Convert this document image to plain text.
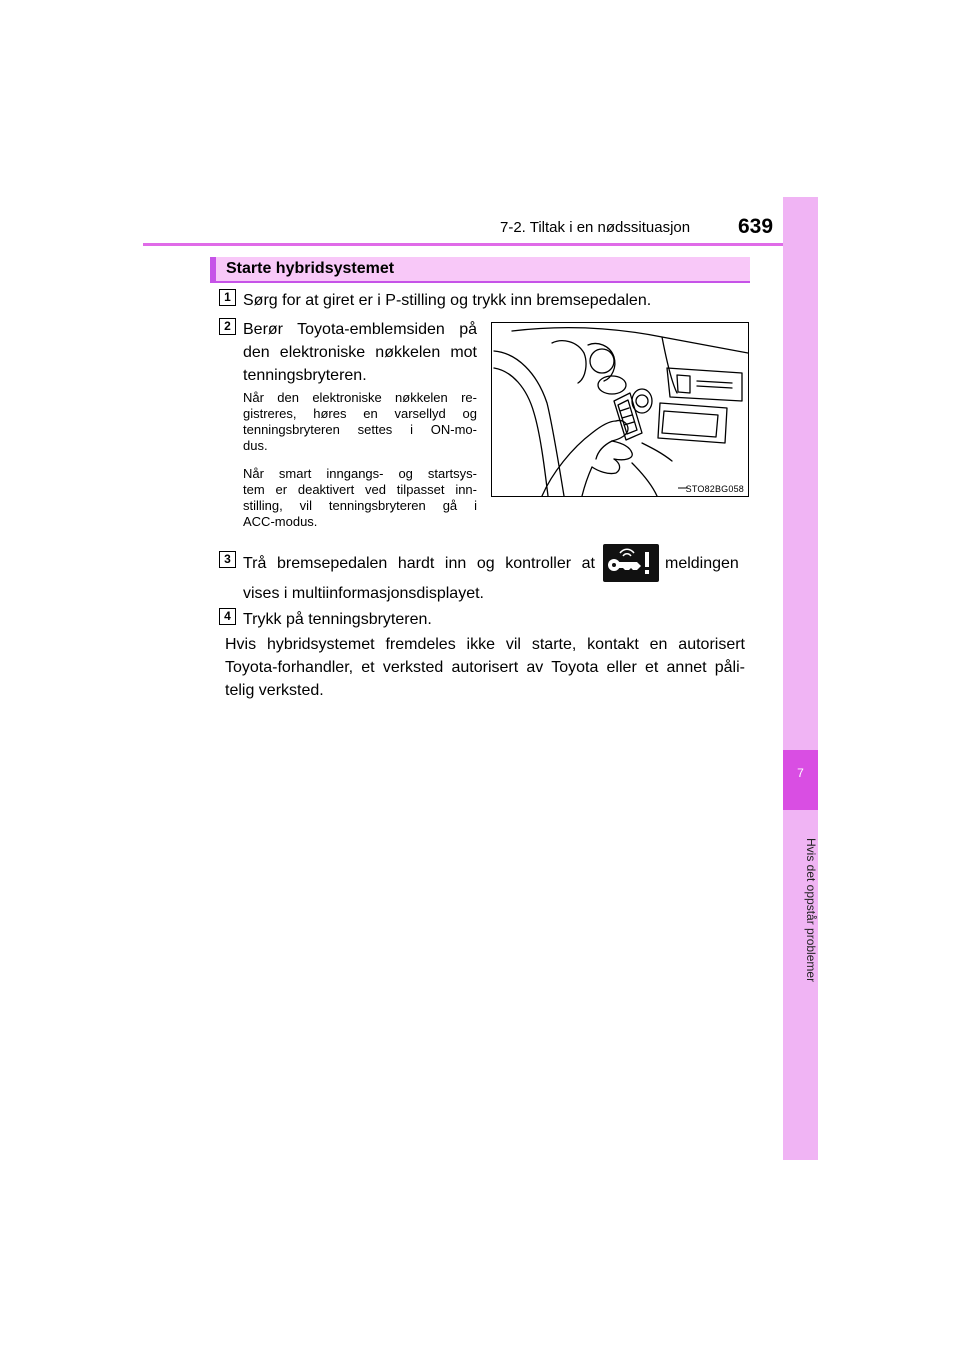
7-2. Tiltak i en nødssituasjon 639
7
Hvis det oppstår problemer
Starte hybridsystemet
1 Sørg for at giret er i P-stilling og trykk inn bremsepedalen.
2 Berør Toyota-emblemsiden på
den elektroniske nøkkelen mot
tenningsbryteren.
Når den elektroniske nøkkelen re-
gistreres, høres en varsellyd og
tenningsbryteren settes i ON-mo-
dus.
Når smart inngangs- og startsys-
tem er deaktivert ved tilpasset inn-
stilling, vil tenningsbryteren gå i
ACC-modus.
STO82BG058
3 Trå bremsepedalen hardt inn og kontroller at	meldingen
vises i multiinformasjonsdisplayet.
4 Trykk på tenningsbryteren.
Hvis hybridsystemet fremdeles ikke vil starte, kontakt en autorisert
Toyota-forhandler, et verksted autorisert av Toyota eller et annet påli-
telig verksted.
